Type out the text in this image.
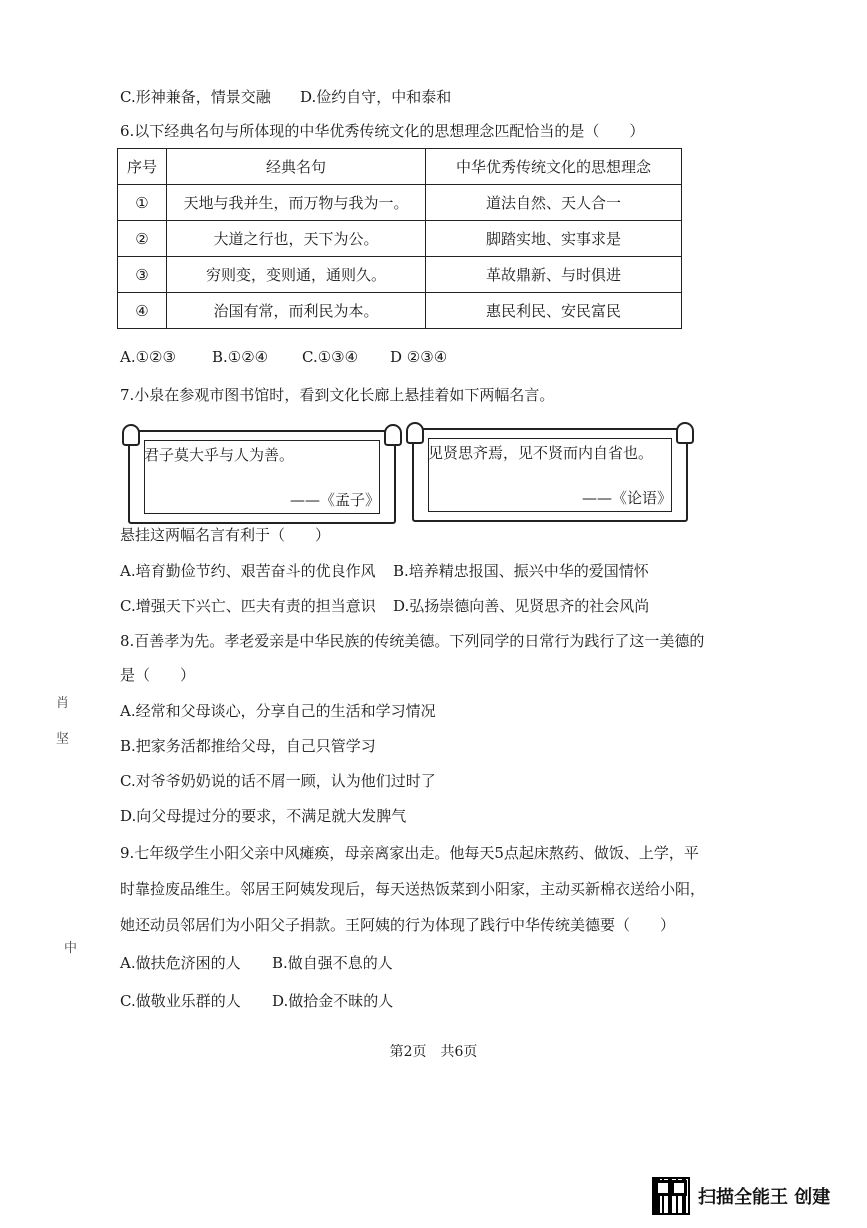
C.形神兼备，情景交融 D.俭约自守，中和泰和
6.以下经典名句与所体现的中华优秀传统文化的思想理念匹配恰当的是（　　）
序号	经典名句	中华优秀传统文化的思想理念
①	天地与我并生，而万物与我为一。	道法自然、天人合一
②	大道之行也，天下为公。	脚踏实地、实事求是
③	穷则变，变则通，通则久。	革故鼎新、与时俱进
④	治国有常，而利民为本。	惠民利民、安民富民
A.①②③ B.①②④ C.①③④ D ②③④
7.小泉在参观市图书馆时，看到文化长廊上悬挂着如下两幅名言。
君子莫大乎与人为善。
——《孟子》
见贤思齐焉，见不贤而内自省也。
——《论语》
悬挂这两幅名言有利于（　　）
A.培育勤俭节约、艰苦奋斗的优良作风 B.培养精忠报国、振兴中华的爱国情怀
C.增强天下兴亡、匹夫有责的担当意识 D.弘扬崇德向善、见贤思齐的社会风尚
8.百善孝为先。孝老爱亲是中华民族的传统美德。下列同学的日常行为践行了这一美德的
是（　　）
A.经常和父母谈心，分享自己的生活和学习情况
B.把家务活都推给父母，自己只管学习
C.对爷爷奶奶说的话不屑一顾，认为他们过时了
D.向父母提过分的要求，不满足就大发脾气
9.七年级学生小阳父亲中风瘫痪，母亲离家出走。他每天5点起床熬药、做饭、上学，平
时靠捡废品维生。邻居王阿姨发现后，每天送热饭菜到小阳家，主动买新棉衣送给小阳，
她还动员邻居们为小阳父子捐款。王阿姨的行为体现了践行中华传统美德要（　　）
A.做扶危济困的人 B.做自强不息的人
C.做敬业乐群的人 D.做拾金不昧的人
肖
坚
中
第2页　共6页
扫描全能王 创建
